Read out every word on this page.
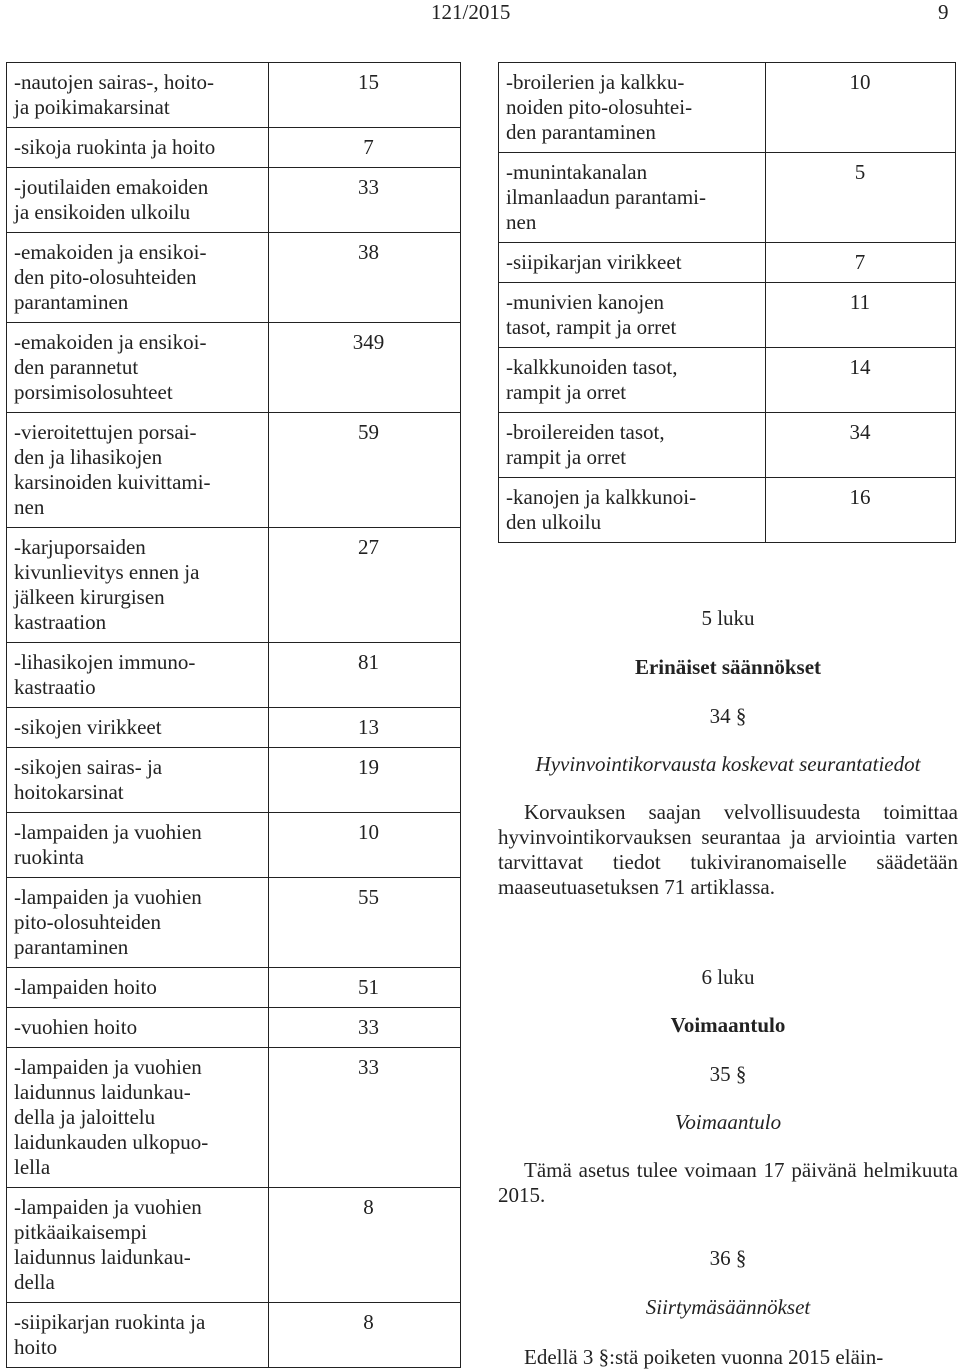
121/2015	9
-nautojen sairas-, hoito-
ja poikimakarsinat	15
-sikoja ruokinta ja hoito	7
-joutilaiden emakoiden
ja ensikoiden ulkoilu	33
-emakoiden ja ensikoi-
den pito-olosuhteiden
parantaminen	38
-emakoiden ja ensikoi-
den parannetut
porsimisolosuhteet	349
-vieroitettujen porsai-
den ja lihasikojen
karsinoiden kuivittami-
nen	59
-karjuporsaiden
kivunlievitys ennen ja
jälkeen kirurgisen
kastraation	27
-lihasikojen immuno-
kastraatio	81
-sikojen virikkeet	13
-sikojen sairas- ja
hoitokarsinat	19
-lampaiden ja vuohien
ruokinta	10
-lampaiden ja vuohien
pito-olosuhteiden
parantaminen	55
-lampaiden hoito	51
-vuohien hoito	33
-lampaiden ja vuohien
laidunnus laidunkau-
della ja jaloittelu
laidunkauden ulkopuo-
lella	33
-lampaiden ja vuohien
pitkäaikaisempi
laidunnus laidunkau-
della	8
-siipikarjan ruokinta ja
hoito	8
-broilerien ja kalkku-
noiden pito-olosuhtei-
den parantaminen	10
-munintakanalan
ilmanlaadun parantami-
nen	5
-siipikarjan virikkeet	7
-munivien kanojen
tasot, rampit ja orret	11
-kalkkunoiden tasot,
rampit ja orret	14
-broilereiden tasot,
rampit ja orret	34
-kanojen ja kalkkunoi-
den ulkoilu	16
5 luku
Erinäiset säännökset
34 §
Hyvinvointikorvausta koskevat seurantatiedot
Korvauksen saajan velvollisuudesta toimittaa hyvinvointikorvauksen seurantaa ja arviointia varten tarvittavat tiedot tukiviranomaiselle säädetään maaseutuasetuksen 71 artiklassa.
6 luku
Voimaantulo
35 §
Voimaantulo
Tämä asetus tulee voimaan 17 päivänä helmikuuta 2015.
36 §
Siirtymäsäännökset
Edellä 3 §:stä poiketen vuonna 2015 eläin-
